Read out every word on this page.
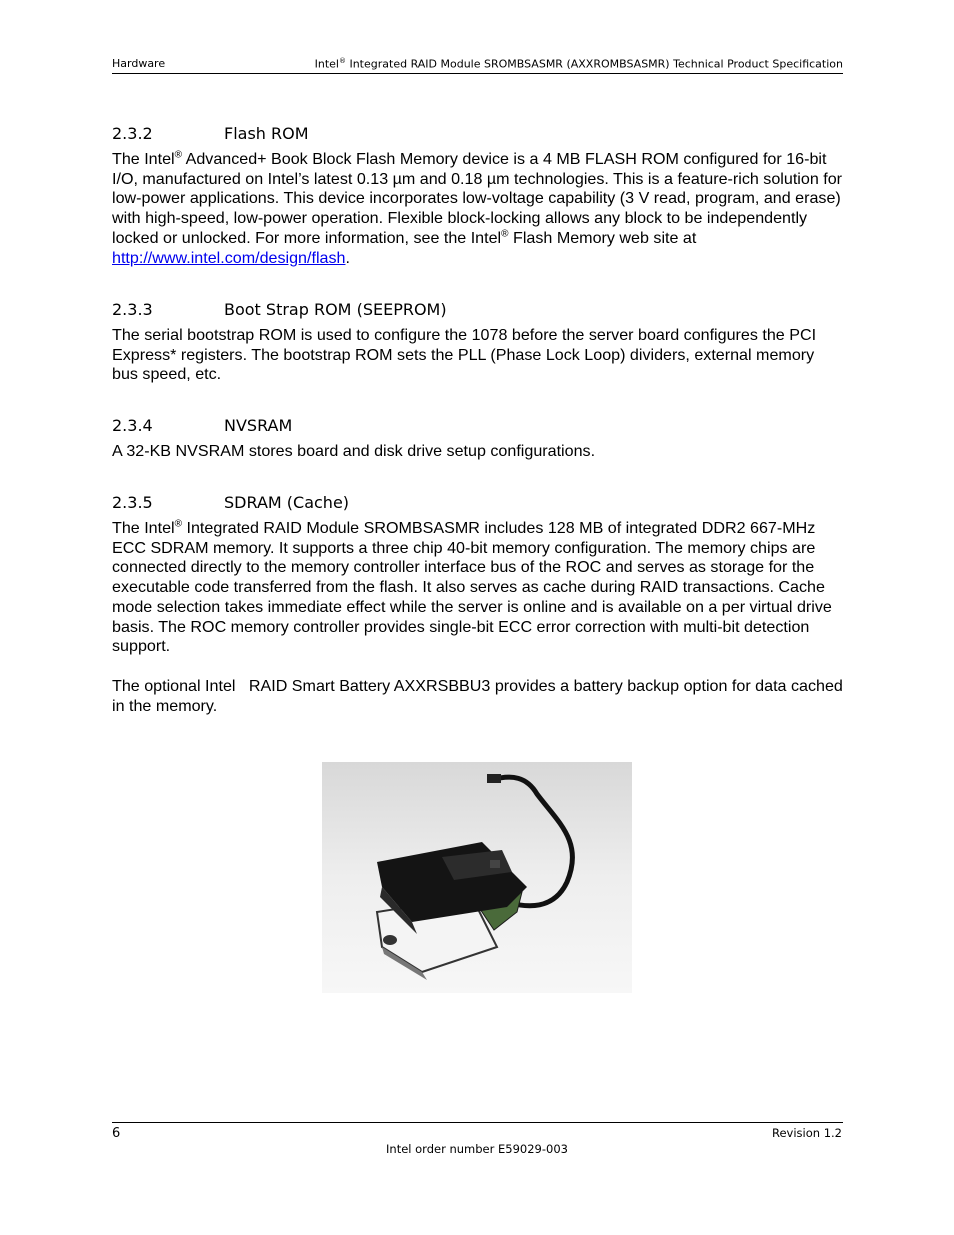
Hardware	Intel® Integrated RAID Module SROMBSASMR (AXXROMBSASMR) Technical Product Specification
2.3.2	Flash ROM

The Intel® Advanced+ Book Block Flash Memory device is a 4 MB FLASH ROM configured for 16-bit I/O, manufactured on Intel’s latest 0.13 µm and 0.18 µm technologies. This is a feature-rich solution for low-power applications. This device incorporates low-voltage capability (3 V read, program, and erase) with high-speed, low-power operation. Flexible block-locking allows any block to be independently locked or unlocked. For more information, see the Intel® Flash Memory web site at http://www.intel.com/design/flash.

2.3.3	Boot Strap ROM (SEEPROM)

The serial bootstrap ROM is used to configure the 1078 before the server board configures the PCI Express* registers. The bootstrap ROM sets the PLL (Phase Lock Loop) dividers, external memory bus speed, etc.

2.3.4	NVSRAM

A 32-KB NVSRAM stores board and disk drive setup configurations.

2.3.5	SDRAM (Cache)

The Intel® Integrated RAID Module SROMBSASMR includes 128 MB of integrated DDR2 667-MHz ECC SDRAM memory. It supports a three chip 40-bit memory configuration. The memory chips are connected directly to the memory controller interface bus of the ROC and serves as storage for the executable code transferred from the flash. It also serves as cache during RAID transactions. Cache mode selection takes immediate effect while the server is online and is available on a per virtual drive basis. The ROC memory controller provides single-bit ECC error correction with multi-bit detection support.

The optional Intel   RAID Smart Battery AXXRSBBU3 provides a battery backup option for data cached in the memory.

6	Revision 1.2
Intel order number E59029-003
